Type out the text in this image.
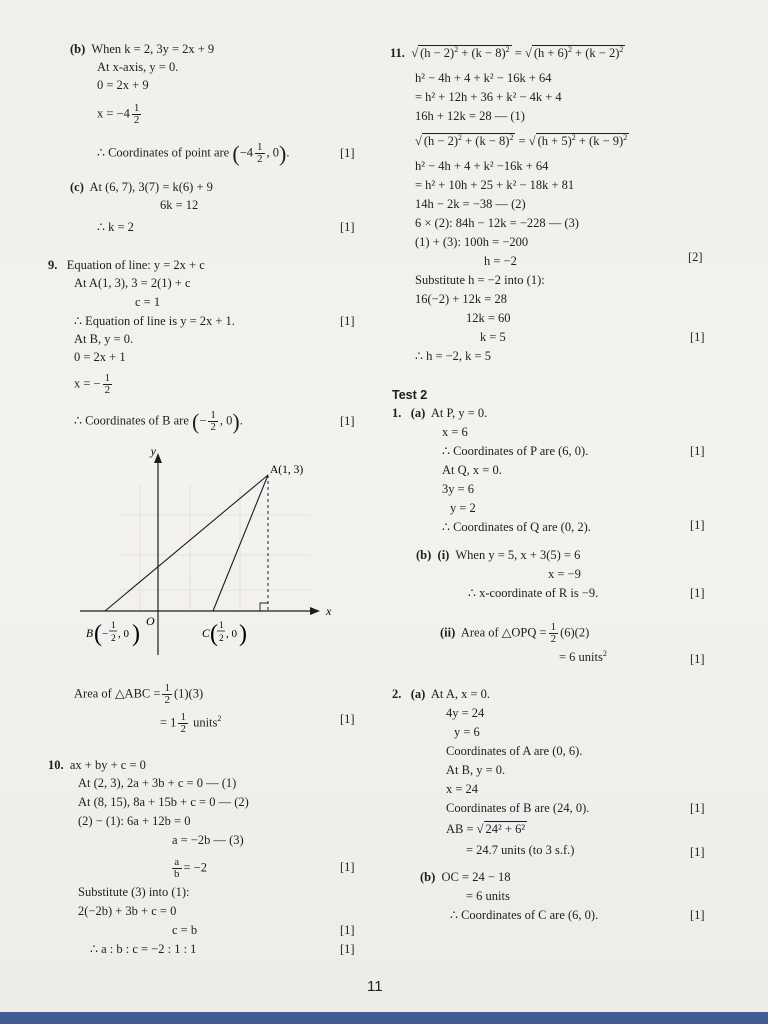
(b) When k = 2, 3y = 2x + 9
At x-axis, y = 0.
0 = 2x + 9
$x = -4 \frac{1}{2}$
∴ Coordinates of point are ($-4 \frac{1}{2}$ , 0).	[1]
(c) At (6, 7), 3(7) = k(6) + 9
6k = 12
∴ k = 2	[1]
9. Equation of line: y = 2x + c
At A(1, 3), 3 = 2(1) + c
c = 1
∴ Equation of line is y = 2x + 1.	[1]
At B, y = 0.
0 = 2x + 1
x = − $\frac{1}{2}$
∴ Coordinates of B are (− $\frac{1}{2}$ , 0).	[1]
y
x
O
A(1, 3)
B ( −
1
2 , 0 )	C ( 1
2 , 0 )
Area of △ABC = $\frac{1}{2} (1)(3)$
= $1 \frac{1}{2}$ units$^2$	[1]
10. ax + by + c = 0
At (2, 3), 2a + 3b + c = 0 — (1)
At (8, 15), 8a + 15b + c = 0 — (2)
(2) − (1): 6a + 12b = 0
a = −2b — (3)
$\frac{a}{b} = -2$	[1]
Substitute (3) into (1):
2(−2b) + 3b + c = 0
c = b	[1]
∴ a : b : c = −2 : 1 : 1	[1]
11.  √ $(h - 2)^2 + (k - 8)^2$ = √ $(h + 6)^2 + (k - 2)^2$
h² − 4h + 4 + k² − 16k + 64
= h² + 12h + 36 + k² − 4k + 4
16h + 12k = 28 — (1)
√ $(h - 2)^2 + (k - 8)^2$ = √ $(h + 5)^2 + (k - 9)^2$
h² − 4h + 4 + k² −16k + 64
= h² + 10h + 25 + k² − 18k + 81
14h − 2k = −38 — (2)
6 × (2): 84h − 12k = −228 — (3)
(1) + (3): 100h = −200
h = −2	[2]
Substitute h = −2 into (1):
16(−2) + 12k = 28
12k = 60
k = 5	[1]
∴ h = −2, k = 5
Test 2
1. (a) At P, y = 0.
x = 6
∴ Coordinates of P are (6, 0).	[1]
At Q, x = 0.
3y = 6
y = 2
∴ Coordinates of Q are (0, 2).	[1]
(b) (i) When y = 5, x + 3(5) = 6
x = −9
∴ x-coordinate of R is −9.	[1]
(ii) Area of △OPQ = $\frac{1}{2} (6)(2)$
= 6 units$^2$	[1]
2. (a) At A, x = 0.
4y = 24
y = 6
Coordinates of A are (0, 6).
At B, y = 0.
x = 24
Coordinates of B are (24, 0).	[1]
AB = √ 24² + 6²
= 24.7 units (to 3 s.f.)	[1]
(b) OC = 24 − 18
= 6 units
∴ Coordinates of C are (6, 0).	[1]
11
